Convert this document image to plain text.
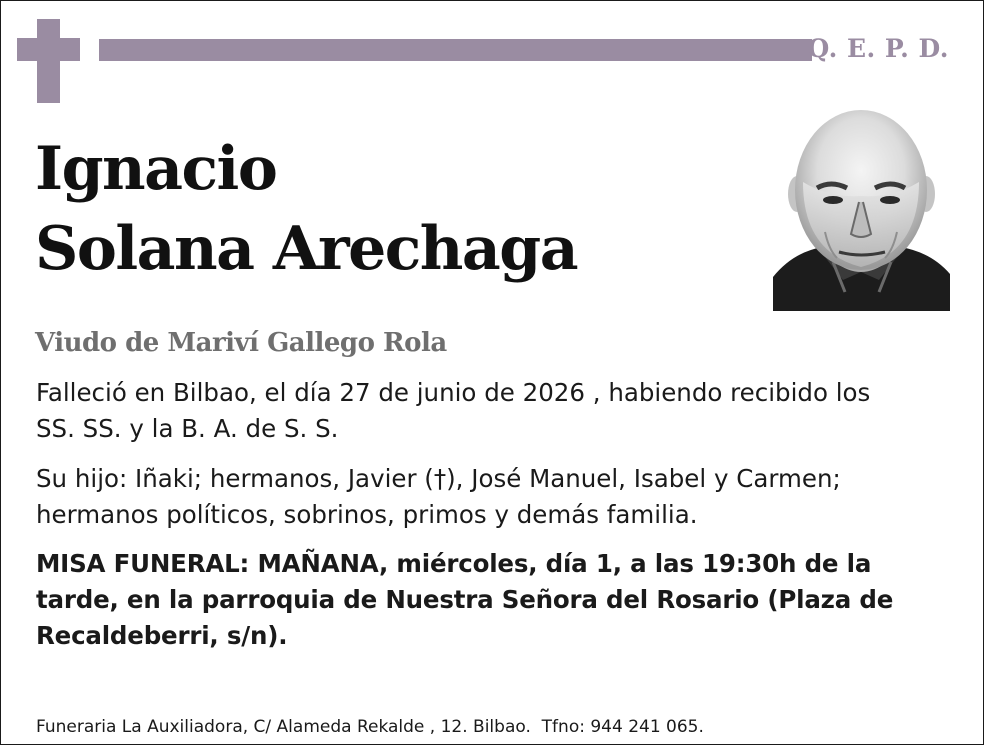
Q. E. P. D.
Ignacio
Solana Arechaga
Viudo de Mariví Gallego Rola
Falleció en Bilbao, el día 27 de junio de 2026 , habiendo recibido los SS. SS. y la B. A. de S. S.
Su hijo: Iñaki; hermanos, Javier (†), José Manuel, Isabel y Carmen; hermanos políticos, sobrinos, primos y demás familia.
MISA FUNERAL: MAÑANA, miércoles, día 1, a las 19:30h de la tarde, en la parroquia de Nuestra Señora del Rosario (Plaza de Recaldeberri, s/n).
Funeraria La Auxiliadora, C/ Alameda Rekalde , 12. Bilbao.  Tfno: 944 241 065.
